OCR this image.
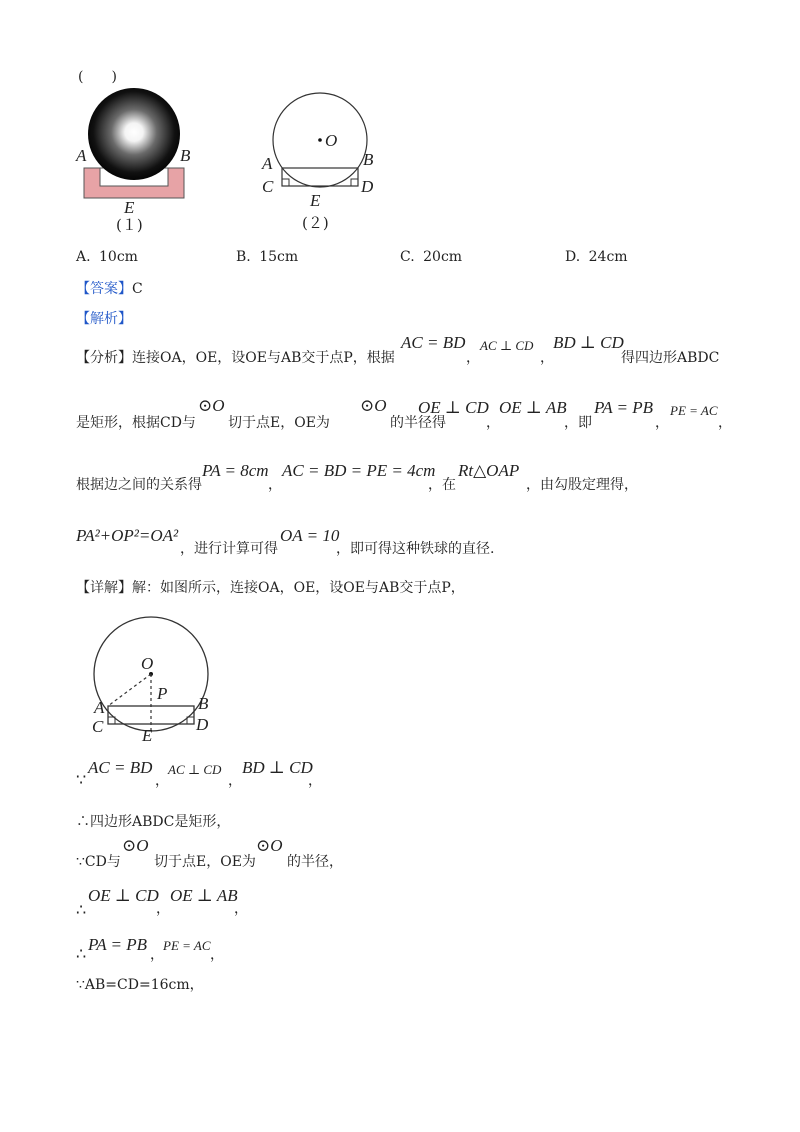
(　　)
A	B
E
(１)
O
A	B
C	D
E
(２)
A. 10cm	B. 15cm	C. 20cm	D. 24cm
【答案】C
【解析】
【分析】连接OA，OE，设OE与AB交于点P，根据
AC = BD
，
AC ⊥ CD
，
BD ⊥ CD
得四边形ABDC
是矩形，根据CD与
⊙O
切于点E，OE为
⊙O
的半径得
OE ⊥ CD
，
OE ⊥ AB
，即
PA = PB
，
PE = AC
，
根据边之间的关系得
PA = 8cm
，
AC = BD = PE = 4cm
，在
Rt△OAP
，由勾股定理得，
PA²+OP²=OA²
，进行计算可得
OA = 10
，即可得这种铁球的直径.
【详解】解：如图所示，连接OA，OE，设OE与AB交于点P，
O
P
A	B
C	D
E
∵
AC = BD
，
AC ⊥ CD
，
BD ⊥ CD
，
∴四边形ABDC是矩形，
∵CD与
⊙O
切于点E，OE为
⊙O
的半径，
∴
OE ⊥ CD
，
OE ⊥ AB
，
∴ PA = PB
，
PE = AC
，
∵AB=CD=16cm，
